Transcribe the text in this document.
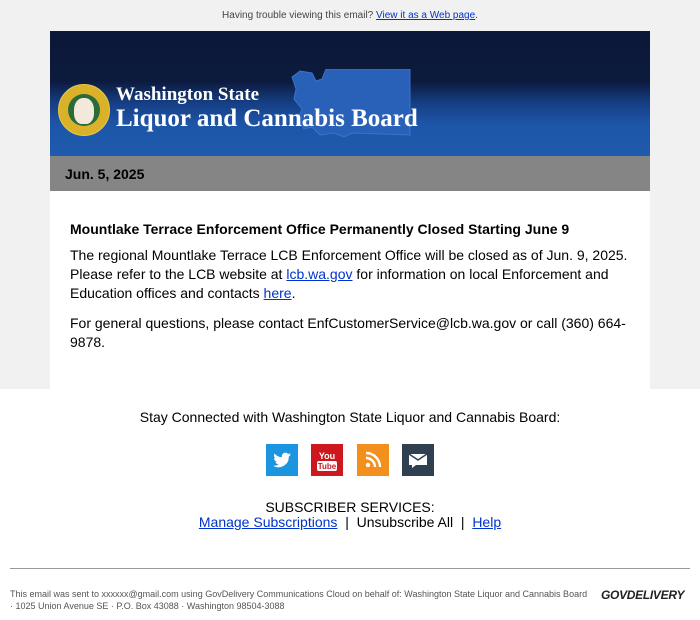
Having trouble viewing this email? View it as a Web page.
Washington State
Liquor and Cannabis Board
Jun. 5, 2025

Mountlake Terrace Enforcement Office Permanently Closed Starting June 9

The regional Mountlake Terrace LCB Enforcement Office will be closed as of Jun. 9, 2025. Please refer to the LCB website at lcb.wa.gov for information on local Enforcement and Education offices and contacts here.

For general questions, please contact EnfCustomerService@lcb.wa.gov or call (360) 664-9878.

Stay Connected with Washington State Liquor and Cannabis Board:
You
Tube
SUBSCRIBER SERVICES:
Manage Subscriptions | Unsubscribe All | Help
This email was sent to xxxxxx@gmail.com using GovDelivery Communications Cloud on behalf of: Washington State Liquor and Cannabis Board · 1025 Union Avenue SE · P.O. Box 43088 · Washington 98504-3088
GOVDELIVERY
